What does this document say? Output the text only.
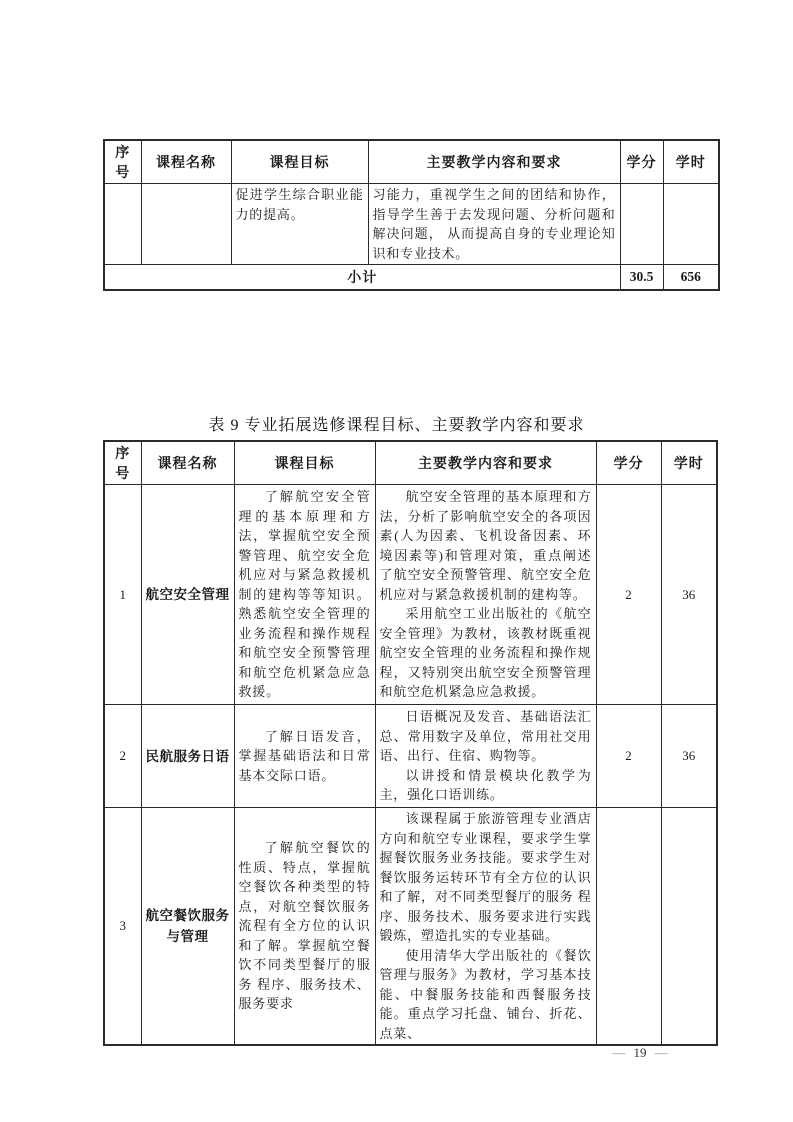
序号	课程名称	课程目标	主要教学内容和要求	学分	学时

		促进学生综合职业能力的提高。	习能力，重视学生之间的团结和协作，指导学生善于去发现问题、分析问题和解决问题， 从而提高自身的专业理论知识和专业技术。		

小计				30.5	656
表 9 专业拓展选修课程目标、主要教学内容和要求
序号	课程名称	课程目标	主要教学内容和要求	学分	学时
1	航空安全管理	了解航空安全管理的基本原理和方法，掌握航空安全预警管理、航空安全危机应对与紧急救援机制的建构等等知识。熟悉航空安全管理的业务流程和操作规程和航空安全预警管理和航空危机紧急应急救援。	航空安全管理的基本原理和方法，分析了影响航空安全的各项因素(人为因素、飞机设备因素、环境因素等)和管理对策，重点阐述了航空安全预警管理、航空安全危机应对与紧急救援机制的建构等。

采用航空工业出版社的《航空安全管理》为教材，该教材既重视航空安全管理的业务流程和操作规程，又特别突出航空安全预警管理和航空危机紧急应急救援。	2	36
2	民航服务日语	了解日语发音，掌握基础语法和日常基本交际口语。	日语概况及发音、基础语法汇总、常用数字及单位，常用社交用语、出行、住宿、购物等。

以讲授和情景模块化教学为主，强化口语训练。	2	36
3	航空餐饮服务与管理	了解航空餐饮的性质、特点，掌握航空餐饮各种类型的特点，对航空餐饮服务流程有全方位的认识和了解。掌握航空餐饮不同类型餐厅的服务 程序、服务技术、服务要求	该课程属于旅游管理专业酒店方向和航空专业课程，要求学生掌握餐饮服务业务技能。要求学生对餐饮服务运转环节有全方位的认识和了解，对不同类型餐厅的服务 程序、服务技术、服务要求进行实践锻炼，塑造扎实的专业基础。

使用清华大学出版社的《餐饮管理与服务》为教材，学习基本技能、中餐服务技能和西餐服务技能。重点学习托盘、铺台、折花、点菜、		

— 19 —
